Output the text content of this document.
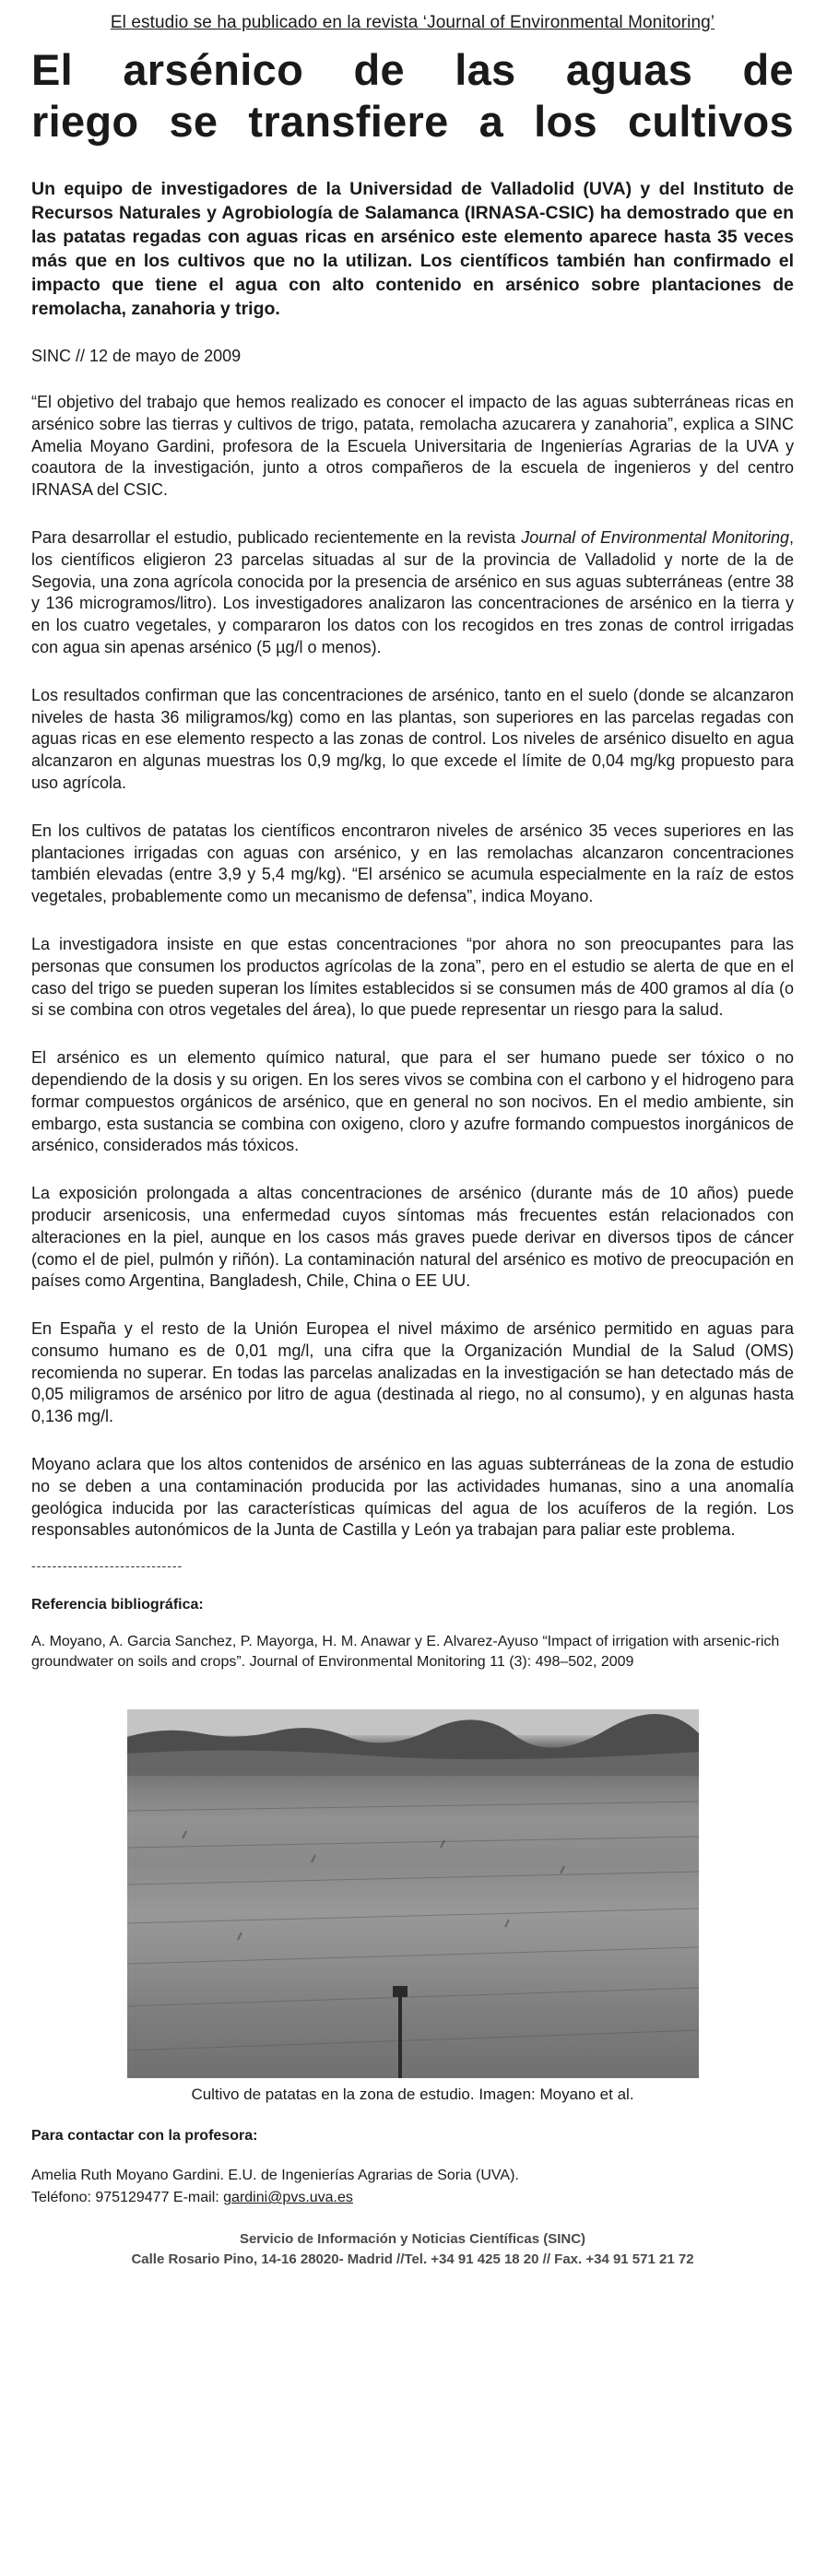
El estudio se ha publicado en la revista ‘Journal of Environmental Monitoring’
El arsénico de las aguas de
riego se transfiere a los cultivos

Un equipo de investigadores de la Universidad de Valladolid (UVA) y del Instituto de Recursos Naturales y Agrobiología de Salamanca (IRNASA-CSIC) ha demostrado que en las patatas regadas con aguas ricas en arsénico este elemento aparece hasta 35 veces más que en los cultivos que no la utilizan. Los científicos también han confirmado el impacto que tiene el agua con alto contenido en arsénico sobre plantaciones de remolacha, zanahoria y trigo.

SINC // 12 de mayo de 2009

“El objetivo del trabajo que hemos realizado es conocer el impacto de las aguas subterráneas ricas en arsénico sobre las tierras y cultivos de trigo, patata, remolacha azucarera y zanahoria”, explica a SINC Amelia Moyano Gardini, profesora de la Escuela Universitaria de Ingenierías Agrarias de la UVA y coautora de la investigación, junto a otros compañeros de la escuela de ingenieros y del centro IRNASA del CSIC.

Para desarrollar el estudio, publicado recientemente en la revista Journal of Environmental Monitoring, los científicos eligieron 23 parcelas situadas al sur de la provincia de Valladolid y norte de la de Segovia, una zona agrícola conocida por la presencia de arsénico en sus aguas subterráneas (entre 38 y 136 microgramos/litro). Los investigadores analizaron las concentraciones de arsénico en la tierra y en los cuatro vegetales, y compararon los datos con los recogidos en tres zonas de control irrigadas con agua sin apenas arsénico (5 µg/l o menos).

Los resultados confirman que las concentraciones de arsénico, tanto en el suelo (donde se alcanzaron niveles de hasta 36 miligramos/kg) como en las plantas, son superiores en las parcelas regadas con aguas ricas en ese elemento respecto a las zonas de control. Los niveles de arsénico disuelto en agua alcanzaron en algunas muestras los 0,9 mg/kg, lo que excede el límite de 0,04 mg/kg propuesto para uso agrícola.

En los cultivos de patatas los científicos encontraron niveles de arsénico 35 veces superiores en las plantaciones irrigadas con aguas con arsénico, y en las remolachas alcanzaron concentraciones también elevadas (entre 3,9 y 5,4 mg/kg). “El arsénico se acumula especialmente en la raíz de estos vegetales, probablemente como un mecanismo de defensa”, indica Moyano.

La investigadora insiste en que estas concentraciones “por ahora no son preocupantes para las personas que consumen los productos agrícolas de la zona”, pero en el estudio se alerta de que en el caso del trigo se pueden superan los límites establecidos si se consumen más de 400 gramos al día (o si se combina con otros vegetales del área), lo que puede representar un riesgo para la salud.

El arsénico es un elemento químico natural, que para el ser humano puede ser tóxico o no dependiendo de la dosis y su origen. En los seres vivos se combina con el carbono y el hidrogeno para formar compuestos orgánicos de arsénico, que en general no son nocivos. En el medio ambiente, sin embargo, esta sustancia se combina con oxigeno, cloro y azufre formando compuestos inorgánicos de arsénico, considerados más tóxicos.

La exposición prolongada a altas concentraciones de arsénico (durante más de 10 años) puede producir arsenicosis, una enfermedad cuyos síntomas más frecuentes están relacionados con alteraciones en la piel, aunque en los casos más graves puede derivar en diversos tipos de cáncer (como el de piel, pulmón y riñón). La contaminación natural del arsénico es motivo de preocupación en países como Argentina, Bangladesh, Chile, China o EE UU.

En España y el resto de la Unión Europea el nivel máximo de arsénico permitido en aguas para consumo humano es de 0,01 mg/l, una cifra que la Organización Mundial de la Salud (OMS) recomienda no superar. En todas las parcelas analizadas en la investigación se han detectado más de 0,05 miligramos de arsénico por litro de agua (destinada al riego, no al consumo), y en algunas hasta 0,136 mg/l.

Moyano aclara que los altos contenidos de arsénico en las aguas subterráneas de la zona de estudio no se deben a una contaminación producida por las actividades humanas, sino a una anomalía geológica inducida por las características químicas del agua de los acuíferos de la región. Los responsables autonómicos de la Junta de Castilla y León ya trabajan para paliar este problema.

-----------------------------
Referencia bibliográfica:
A. Moyano, A. Garcia Sanchez, P. Mayorga, H. M. Anawar y E. Alvarez-Ayuso “Impact of irrigation with arsenic-rich groundwater on soils and crops”. Journal of Environmental Monitoring 11 (3): 498–502, 2009
Cultivo de patatas en la zona de estudio. Imagen: Moyano et al.
Para contactar con la profesora:
Amelia Ruth Moyano Gardini. E.U. de Ingenierías Agrarias de Soria (UVA).
Teléfono: 975129477 E-mail: gardini@pvs.uva.es
Servicio de Información y Noticias Científicas (SINC)
Calle Rosario Pino, 14-16 28020- Madrid //Tel. +34 91 425 18 20 // Fax. +34 91 571 21 72
